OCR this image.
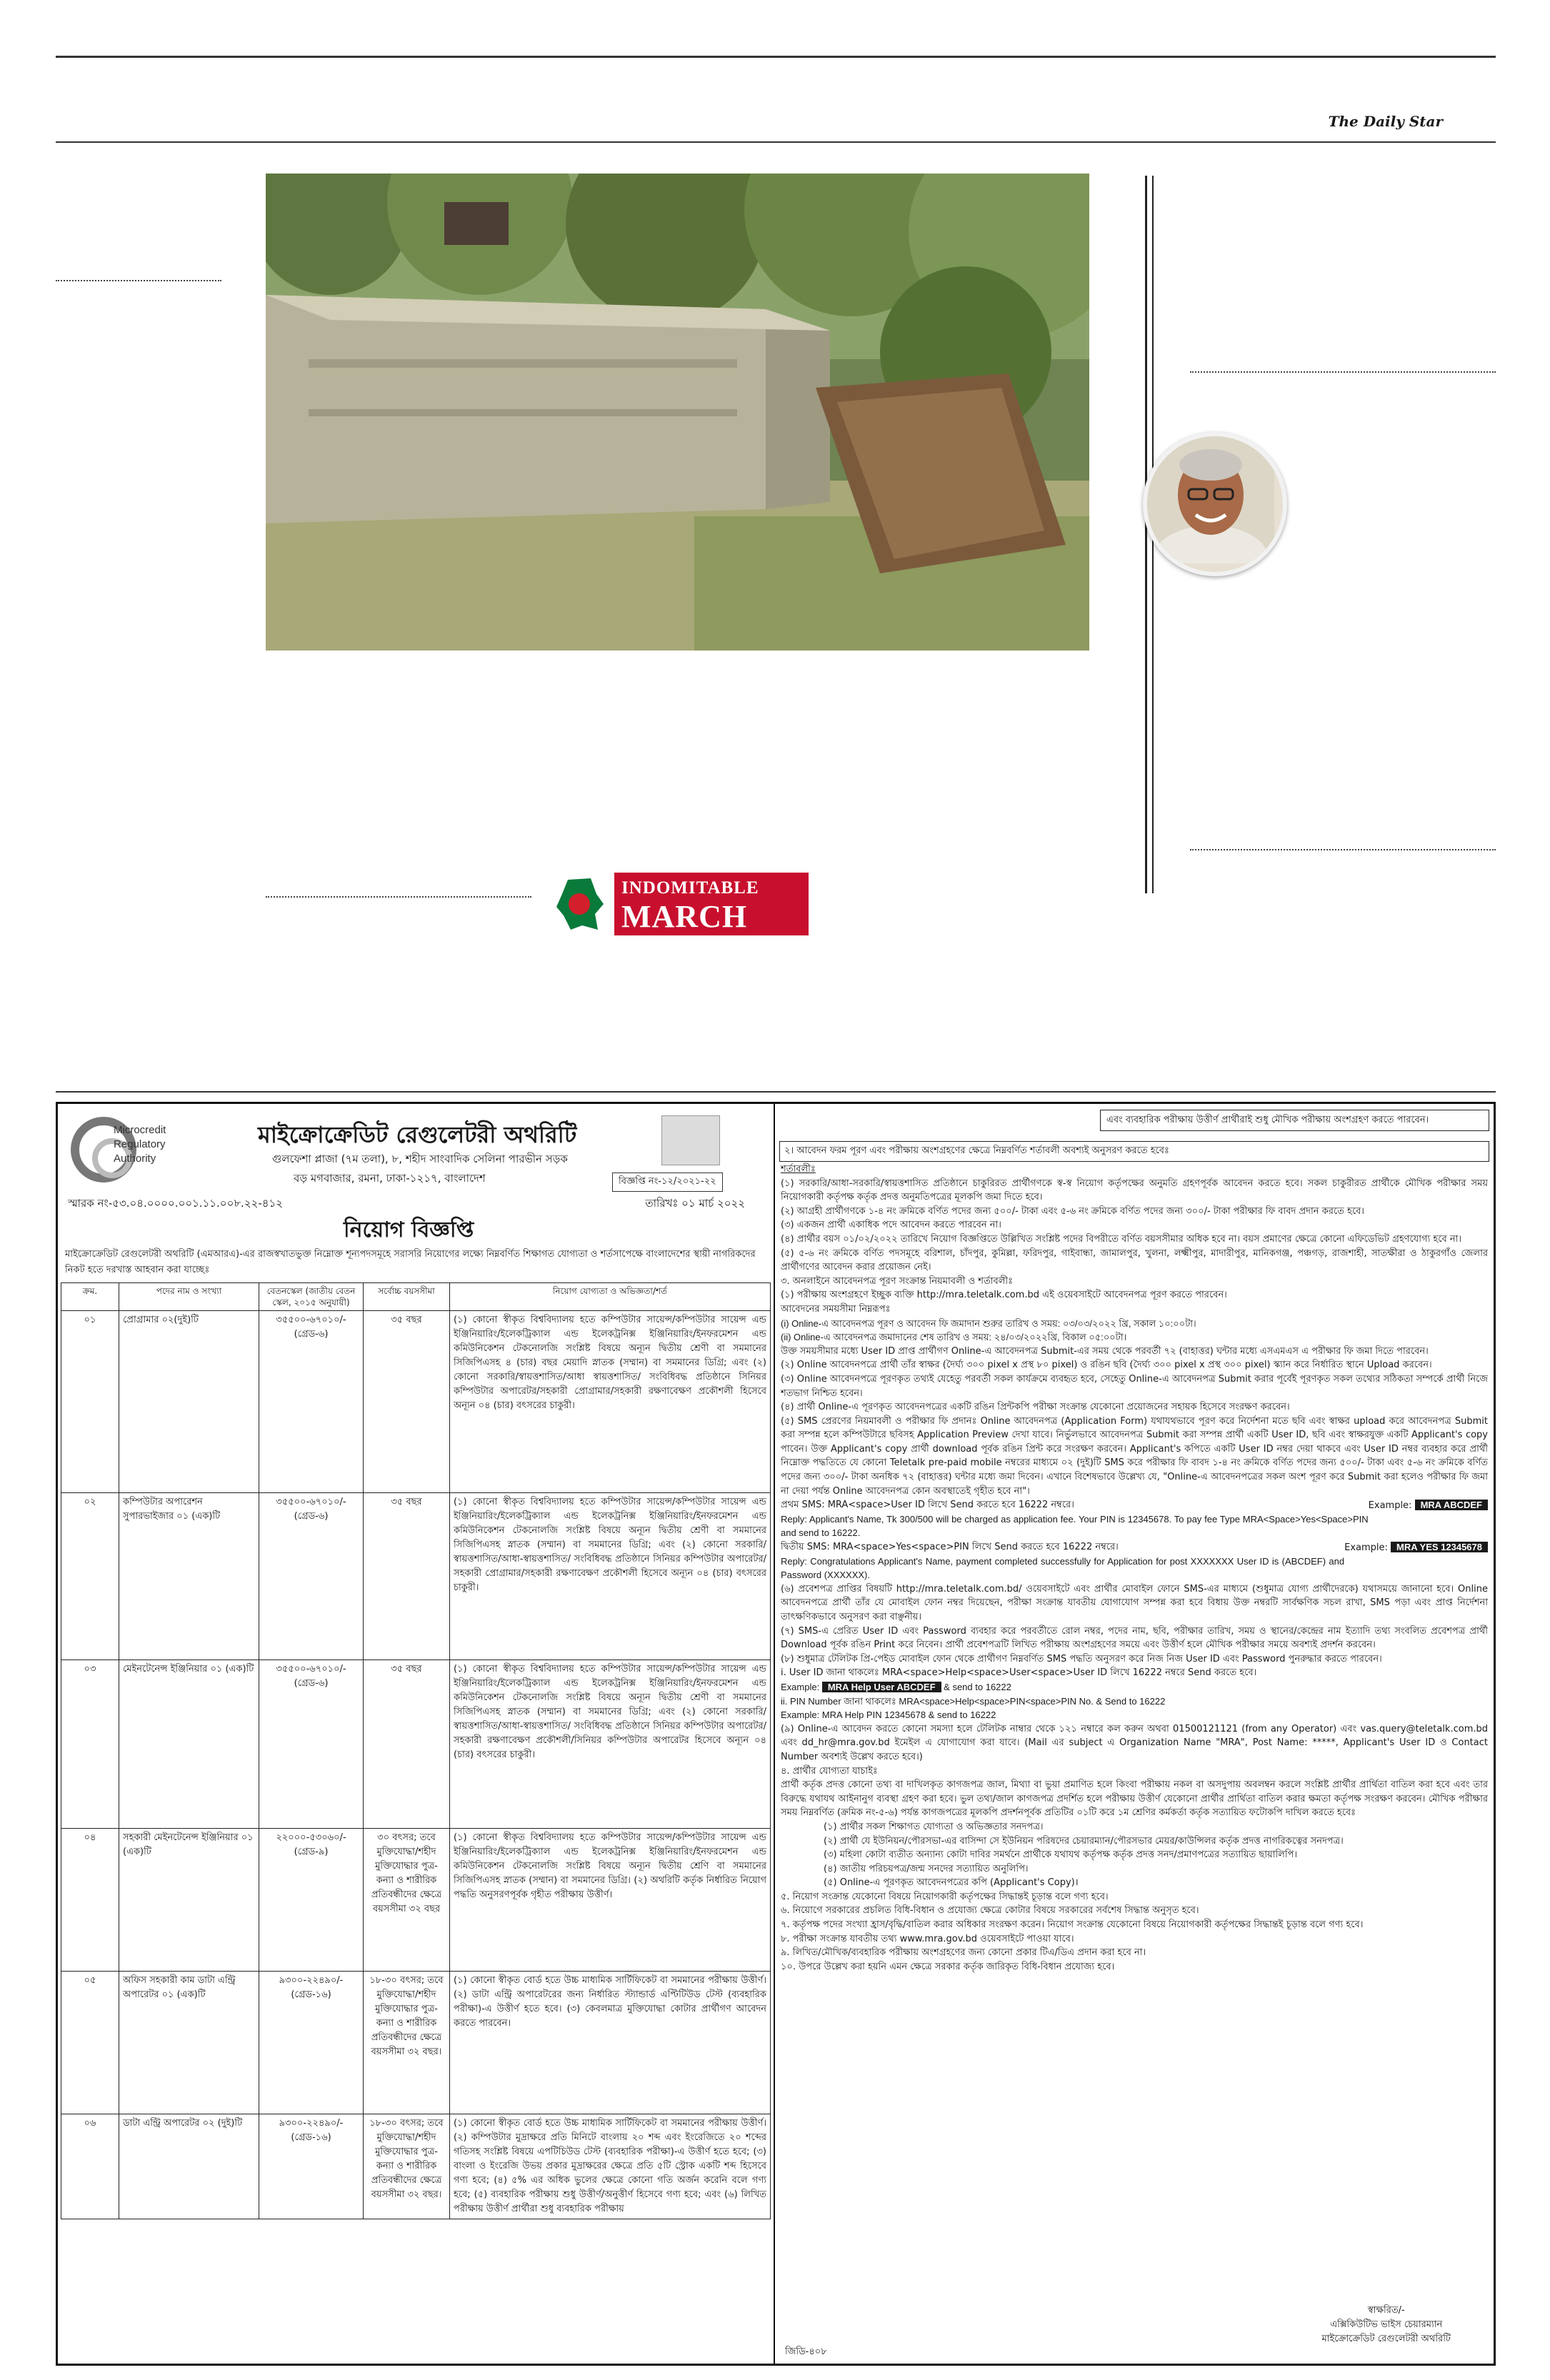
The Daily Star
INDOMITABLE
MARCH
Microcredit
Regulatory
Authority
মাইক্রোক্রেডিট রেগুলেটরী অথরিটি
গুলফেশা প্লাজা (৭ম তলা), ৮, শহীদ সাংবাদিক সেলিনা পারভীন সড়ক
বড় মগবাজার, রমনা, ঢাকা-১২১৭, বাংলাদেশ	বিজ্ঞপ্তি নং-১২/২০২১-২২
স্মারক নং-৫৩.০৪.০০০০.০০১.১১.০০৮.২২-৪১২	তারিখঃ ০১ মার্চ ২০২২
নিয়োগ বিজ্ঞপ্তি
মাইক্রোক্রেডিট রেগুলেটরী অথরিটি (এমআরএ)-এর রাজস্বখাতভুক্ত নিম্নোক্ত শূন্যপদসমূহে সরাসরি নিয়োগের লক্ষ্যে নিম্নবর্ণিত শিক্ষাগত যোগ্যতা ও শর্তসাপেক্ষে বাংলাদেশের স্থায়ী নাগরিকদের নিকট হতে দরখাস্ত আহবান করা যাচ্ছেঃ
ক্রম.	পদের নাম ও সংখ্যা	বেতনস্কেল (জাতীয় বেতন স্কেল, ২০১৫ অনুযায়ী)	সর্বোচ্চ বয়সসীমা	নিয়োগ যোগ্যতা ও অভিজ্ঞতা/শর্ত
০১	প্রোগ্রামার ০২(দুই)টি	৩৫৫০০-৬৭০১০/- (গ্রেড-৬)	৩৫ বছর	(১) কোনো স্বীকৃত বিশ্ববিদ্যালয় হতে কম্পিউটার সায়েন্স/কম্পিউটার সায়েন্স এন্ড ইঞ্জিনিয়ারিং/ইলেকট্রিক্যাল এন্ড ইলেকট্রনিক্স ইঞ্জিনিয়ারিং/ইনফরমেশন এন্ড কমিউনিকেশন টেকনোলজি সংশ্লিষ্ট বিষয়ে অন্যূন দ্বিতীয় শ্রেণী বা সমমানের সিজিপিএসহ ৪ (চার) বছর মেয়াদি স্নাতক (সম্মান) বা সমমানের ডিগ্রি; এবং (২) কোনো সরকারি/স্বায়ত্তশাসিত/আধা স্বায়ত্তশাসিত/ সংবিধিবদ্ধ প্রতিষ্ঠানে সিনিয়র কম্পিউটার অপারেটর/সহকারী প্রোগ্রামার/সহকারী রক্ষণাবেক্ষণ প্রকৌশলী হিসেবে অন্যূন ০৪ (চার) বৎসরের চাকুরী।
০২	কম্পিউটার অপারেশন সুপারভাইজার ০১ (এক)টি	৩৫৫০০-৬৭০১০/- (গ্রেড-৬)	৩৫ বছর	(১) কোনো স্বীকৃত বিশ্ববিদ্যালয় হতে কম্পিউটার সায়েন্স/কম্পিউটার সায়েন্স এন্ড ইঞ্জিনিয়ারিং/ইলেকট্রিক্যাল এন্ড ইলেকট্রনিক্স ইঞ্জিনিয়ারিং/ইনফরমেশন এন্ড কমিউনিকেশন টেকনোলজি সংশ্লিষ্ট বিষয়ে অন্যূন দ্বিতীয় শ্রেণী বা সমমানের সিজিপিএসহ স্নাতক (সম্মান) বা সমমানের ডিগ্রি; এবং (২) কোনো সরকারি/স্বায়ত্তশাসিত/আধা-স্বায়ত্তশাসিত/ সংবিধিবদ্ধ প্রতিষ্ঠানে সিনিয়র কম্পিউটার অপারেটর/সহকারী প্রোগ্রামার/সহকারী রক্ষণাবেক্ষণ প্রকৌশলী হিসেবে অন্যূন ০৪ (চার) বৎসরের চাকুরী।
০৩	মেইনটেনেন্স ইঞ্জিনিয়ার ০১ (এক)টি	৩৫৫০০-৬৭০১০/- (গ্রেড-৬)	৩৫ বছর	(১) কোনো স্বীকৃত বিশ্ববিদ্যালয় হতে কম্পিউটার সায়েন্স/কম্পিউটার সায়েন্স এন্ড ইঞ্জিনিয়ারিং/ইলেকট্রিক্যাল এন্ড ইলেকট্রনিক্স ইঞ্জিনিয়ারিং/ইনফরমেশন এন্ড কমিউনিকেশন টেকনোলজি সংশ্লিষ্ট বিষয়ে অন্যূন দ্বিতীয় শ্রেণী বা সমমানের সিজিপিএসহ স্নাতক (সম্মান) বা সমমানের ডিগ্রি; এবং (২) কোনো সরকারি/স্বায়ত্তশাসিত/আধা-স্বায়ত্তশাসিত/ সংবিধিবদ্ধ প্রতিষ্ঠানে সিনিয়র কম্পিউটার অপারেটর/সহকারী রক্ষণাবেক্ষণ প্রকৌশলী/সিনিয়র কম্পিউটার অপারেটর হিসেবে অন্যূন ০৪ (চার) বৎসরের চাকুরী।
০৪	সহকারী মেইনটেনেন্স ইঞ্জিনিয়ার ০১ (এক)টি	২২০০০-৫৩০৬০/- (গ্রেড-৯)	৩০ বৎসর; তবে মুক্তিযোদ্ধা/শহীদ মুক্তিযোদ্ধার পুত্র-কন্যা ও শারীরিক প্রতিবন্ধীদের ক্ষেত্রে বয়সসীমা ৩২ বছর	(১) কোনো স্বীকৃত বিশ্ববিদ্যালয় হতে কম্পিউটার সায়েন্স/কম্পিউটার সায়েন্স এন্ড ইঞ্জিনিয়ারিং/ইলেকট্রিক্যাল এন্ড ইলেকট্রনিক্স ইঞ্জিনিয়ারিং/ইনফরমেশন এন্ড কমিউনিকেশন টেকনোলজি সংশ্লিষ্ট বিষয়ে অন্যূন দ্বিতীয় শ্রেণি বা সমমানের সিজিপিএসহ স্নাতক (সম্মান) বা সমমানের ডিগ্রি। (২) অথরিটি কর্তৃক নির্ধারিত নিয়োগ পদ্ধতি অনুসরণপূর্বক গৃহীত পরীক্ষায় উত্তীর্ণ।
০৫	অফিস সহকারী কাম ডাটা এন্ট্রি অপারেটর ০১ (এক)টি	৯৩০০-২২৪৯০/- (গ্রেড-১৬)	১৮-৩০ বৎসর; তবে মুক্তিযোদ্ধা/শহীদ মুক্তিযোদ্ধার পুত্র-কন্যা ও শারীরিক প্রতিবন্ধীদের ক্ষেত্রে বয়সসীমা ৩২ বছর।	(১) কোনো স্বীকৃত বোর্ড হতে উচ্চ মাধ্যমিক সার্টিফিকেট বা সমমানের পরীক্ষায় উত্তীর্ণ। (২) ডাটা এন্ট্রি অপারেটরের জন্য নির্ধারিত স্ট্যান্ডার্ড এপ্টিটিউড টেস্ট (ব্যবহারিক পরীক্ষা)-এ উত্তীর্ণ হতে হবে। (৩) কেবলমাত্র মুক্তিযোদ্ধা কোটার প্রার্থীগণ আবেদন করতে পারবেন।
০৬	ডাটা এন্ট্রি অপারেটর ০২ (দুই)টি	৯৩০০-২২৪৯০/- (গ্রেড-১৬)	১৮-৩০ বৎসর; তবে মুক্তিযোদ্ধা/শহীদ মুক্তিযোদ্ধার পুত্র-কন্যা ও শারীরিক প্রতিবন্ধীদের ক্ষেত্রে বয়সসীমা ৩২ বছর।	(১) কোনো স্বীকৃত বোর্ড হতে উচ্চ মাধ্যমিক সার্টিফিকেট বা সমমানের পরীক্ষায় উত্তীর্ণ। (২) কম্পিউটার মুদ্রাক্ষরে প্রতি মিনিটে বাংলায় ২০ শব্দ এবং ইংরেজিতে ২০ শব্দের গতিসহ সংশ্লিষ্ট বিষয়ে এপটিচিউড টেস্ট (ব্যবহারিক পরীক্ষা)-এ উত্তীর্ণ হতে হবে; (৩) বাংলা ও ইংরেজি উভয় প্রকার মুদ্রাক্ষরের ক্ষেত্রে প্রতি ৫টি স্ট্রোক একটি শব্দ হিসেবে গণ্য হবে; (৪) ৫% এর অধিক ভুলের ক্ষেত্রে কোনো গতি অর্জন করেনি বলে গণ্য হবে; (৫) ব্যবহারিক পরীক্ষায় শুধু উত্তীর্ণ/অনুত্তীর্ণ হিসেবে গণ্য হবে; এবং (৬) লিখিত পরীক্ষায় উত্তীর্ণ প্রার্থীরা শুধু ব্যবহারিক পরীক্ষায়
এবং ব্যবহারিক পরীক্ষায় উত্তীর্ণ প্রার্থীরাই শুধু মৌখিক পরীক্ষায় অংশগ্রহণ করতে পারবেন।
২। আবেদন ফরম পূরণ এবং পরীক্ষায় অংশগ্রহণের ক্ষেত্রে নিম্নবর্ণিত শর্তাবলী অবশ্যই অনুসরণ করতে হবেঃ

শর্তাবলীঃ

(১) সরকারি/আধা-সরকারি/স্বায়ত্তশাসিত প্রতিষ্ঠানে চাকুরিরত প্রার্থীগণকে স্ব-স্ব নিয়োগ কর্তৃপক্ষের অনুমতি গ্রহণপূর্বক আবেদন করতে হবে। সকল চাকুরীরত প্রার্থীকে মৌখিক পরীক্ষার সময় নিয়োগকারী কর্তৃপক্ষ কর্তৃক প্রদত্ত অনুমতিপত্রের মূলকপি জমা দিতে হবে।

(২) আগ্রহী প্রার্থীগণকে ১-৪ নং ক্রমিকে বর্ণিত পদের জন্য ৫০০/- টাকা এবং ৫-৬ নং ক্রমিকে বর্ণিত পদের জন্য ৩০০/- টাকা পরীক্ষার ফি বাবদ প্রদান করতে হবে।

(৩) একজন প্রার্থী একাধিক পদে আবেদন করতে পারবেন না।

(৪) প্রার্থীর বয়স ০১/০২/২০২২ তারিখে নিয়োগ বিজ্ঞপ্তিতে উল্লিখিত সংশ্লিষ্ট পদের বিপরীতে বর্ণিত বয়সসীমার অধিক হবে না। বয়স প্রমাণের ক্ষেত্রে কোনো এফিডেভিট গ্রহণযোগ্য হবে না।

(৫) ৫-৬ নং ক্রমিকে বর্ণিত পদসমূহে বরিশাল, চাঁদপুর, কুমিল্লা, ফরিদপুর, গাইবান্ধা, জামালপুর, খুলনা, লক্ষ্মীপুর, মাদারীপুর, মানিকগঞ্জ, পঞ্চগড়, রাজশাহী, সাতক্ষীরা ও ঠাকুরগাঁও জেলার প্রার্থীগণের আবেদন করার প্রয়োজন নেই।

৩. অনলাইনে আবেদনপত্র পূরণ সংক্রান্ত নিয়মাবলী ও শর্তাবলীঃ

(১) পরীক্ষায় অংশগ্রহণে ইচ্ছুক ব্যক্তি http://mra.teletalk.com.bd এই ওয়েবসাইটে আবেদনপত্র পূরণ করতে পারবেন।

আবেদনের সময়সীমা নিম্নরূপঃ

(i) Online-এ আবেদনপত্র পূরণ ও আবেদন ফি জমাদান শুরুর তারিখ ও সময়: ০৩/০৩/২০২২ খ্রি, সকাল ১০:০০টা।

(ii) Online-এ আবেদনপত্র জমাদানের শেষ তারিখ ও সময়: ২৪/০৩/২০২২খ্রি, বিকাল ০৫:০০টা।

উক্ত সময়সীমার মধ্যে User ID প্রাপ্ত প্রার্থীগণ Online-এ আবেদনপত্র Submit-এর সময় থেকে পরবর্তী ৭২ (বাহাত্তর) ঘন্টার মধ্যে এসএমএস এ পরীক্ষার ফি জমা দিতে পারবেন।

(২) Online আবেদনপত্রে প্রার্থী তাঁর স্বাক্ষর (দৈর্ঘ্য ৩০০ pixel x প্রস্থ ৮০ pixel) ও রঙিন ছবি (দৈর্ঘ্য ৩০০ pixel x প্রস্থ ৩০০ pixel) স্ক্যান করে নির্ধারিত স্থানে Upload করবেন।

(৩) Online আবেদনপত্রে পূরণকৃত তথ্যই যেহেতু পরবর্তী সকল কার্যক্রমে ব্যবহৃত হবে, সেহেতু Online-এ আবেদনপত্র Submit করার পূর্বেই পূরণকৃত সকল তথ্যের সঠিকতা সম্পর্কে প্রার্থী নিজে শতভাগ নিশ্চিত হবেন।

(৪) প্রার্থী Online-এ পূরণকৃত আবেদনপত্রের একটি রঙিন প্রিন্টকপি পরীক্ষা সংক্রান্ত যেকোনো প্রয়োজনের সহায়ক হিসেবে সংরক্ষণ করবেন।

(৫) SMS প্রেরণের নিয়মাবলী ও পরীক্ষার ফি প্রদানঃ Online আবেদনপত্র (Application Form) যথাযথভাবে পূরণ করে নির্দেশনা মতে ছবি এবং স্বাক্ষর upload করে আবেদনপত্র Submit করা সম্পন্ন হলে কম্পিউটারে ছবিসহ Application Preview দেখা যাবে। নির্ভুলভাবে আবেদনপত্র Submit করা সম্পন্ন প্রার্থী একটি User ID, ছবি এবং স্বাক্ষরযুক্ত একটি Applicant's copy পাবেন। উক্ত Applicant's copy প্রার্থী download পূর্বক রঙিন প্রিন্ট করে সংরক্ষণ করবেন। Applicant's কপিতে একটি User ID নম্বর দেয়া থাকবে এবং User ID নম্বর ব্যবহার করে প্রার্থী নিম্নোক্ত পদ্ধতিতে যে কোনো Teletalk pre-paid mobile নম্বরের মাধ্যমে ০২ (দুই)টি SMS করে পরীক্ষার ফি বাবদ ১-৪ নং ক্রমিকে বর্ণিত পদের জন্য ৫০০/- টাকা এবং ৫-৬ নং ক্রমিকে বর্ণিত পদের জন্য ৩০০/- টাকা অনধিক ৭২ (বাহাত্তর) ঘন্টার মধ্যে জমা দিবেন। এখানে বিশেষভাবে উল্লেখ্য যে, "Online-এ আবেদনপত্রের সকল অংশ পূরণ করে Submit করা হলেও পরীক্ষার ফি জমা না দেয়া পর্যন্ত Online আবেদনপত্র কোন অবস্থাতেই গৃহীত হবে না"।

প্রথম SMS: MRA<space>User ID লিখে Send করতে হবে 16222 নম্বরে।	Example: MRA ABCDEF

Reply: Applicant's Name, Tk 300/500 will be charged as application fee. Your PIN is 12345678. To pay fee Type MRA<Space>Yes<Space>PIN and send to 16222.

দ্বিতীয় SMS: MRA<space>Yes<space>PIN লিখে Send করতে হবে 16222 নম্বরে।	Example: MRA YES 12345678

Reply: Congratulations Applicant's Name, payment completed successfully for Application for post XXXXXXX User ID is (ABCDEF) and Password (XXXXXX).

(৬) প্রবেশপত্র প্রাপ্তির বিষয়টি http://mra.teletalk.com.bd/ ওয়েবসাইটে এবং প্রার্থীর মোবাইল ফোনে SMS-এর মাধ্যমে (শুধুমাত্র যোগ্য প্রার্থীদেরকে) যথাসময়ে জানানো হবে। Online আবেদনপত্রে প্রার্থী তাঁর যে মোবাইল ফোন নম্বর দিয়েছেন, পরীক্ষা সংক্রান্ত যাবতীয় যোগাযোগ সম্পন্ন করা হবে বিধায় উক্ত নম্বরটি সার্বক্ষণিক সচল রাখা, SMS পড়া এবং প্রাপ্ত নির্দেশনা তাৎক্ষণিকভাবে অনুসরণ করা বাঞ্ছনীয়।

(৭) SMS-এ প্রেরিত User ID এবং Password ব্যবহার করে পরবর্তীতে রোল নম্বর, পদের নাম, ছবি, পরীক্ষার তারিখ, সময় ও স্থানের/কেন্দ্রের নাম ইত্যাদি তথ্য সংবলিত প্রবেশপত্র প্রার্থী Download পূর্বক রঙিন Print করে নিবেন। প্রার্থী প্রবেশপত্রটি লিখিত পরীক্ষায় অংশগ্রহণের সময়ে এবং উত্তীর্ণ হলে মৌখিক পরীক্ষার সময়ে অবশ্যই প্রদর্শন করবেন।

(৮) শুধুমাত্র টেলিটক প্রি-পেইড মোবাইল ফোন থেকে প্রার্থীগণ নিম্নবর্ণিত SMS পদ্ধতি অনুসরণ করে নিজ নিজ User ID এবং Password পুনরুদ্ধার করতে পারবেন।

i. User ID জানা থাকলেঃ MRA<space>Help<space>User<space>User ID লিখে 16222 নম্বরে Send করতে হবে।

Example: MRA Help User ABCDEF & send to 16222

ii. PIN Number জানা থাকলেঃ MRA<space>Help<space>PIN<space>PIN No. & Send to 16222

Example: MRA Help PIN 12345678 & send to 16222

(৯) Online-এ আবেদন করতে কোনো সমস্যা হলে টেলিটক নাম্বার থেকে ১২১ নম্বারে কল করুন অথবা 01500121121 (from any Operator) এবং vas.query@teletalk.com.bd এবং dd_hr@mra.gov.bd ইমেইল এ যোগাযোগ করা যাবে। (Mail এর subject এ Organization Name "MRA", Post Name: *****, Applicant's User ID ও Contact Number অবশ্যই উল্লেখ করতে হবে।)

৪. প্রার্থীর যোগ্যতা যাচাইঃ

প্রার্থী কর্তৃক প্রদত্ত কোনো তথ্য বা দাখিলকৃত কাগজপত্র জাল, মিথ্যা বা ভুয়া প্রমাণিত হলে কিংবা পরীক্ষায় নকল বা অসদুপায় অবলম্বন করলে সংশ্লিষ্ট প্রার্থীর প্রার্থিতা বাতিল করা হবে এবং তার বিরুদ্ধে যথাযথ আইনানুগ ব্যবস্থা গ্রহণ করা হবে। ভুল তথ্য/জাল কাগজপত্র প্রদর্শিত হলে পরীক্ষায় উত্তীর্ণ যেকোনো প্রার্থীর প্রার্থিতা বাতিল করার ক্ষমতা কর্তৃপক্ষ সংরক্ষণ করবেন। মৌখিক পরীক্ষার সময় নিম্নবর্ণিত (ক্রমিক নং-৫-৬) পর্যন্ত কাগজপত্রের মূলকপি প্রদর্শনপূর্বক প্রতিটির ০১টি করে ১ম শ্রেণির কর্মকর্তা কর্তৃক সত্যায়িত ফটোকপি দাখিল করতে হবেঃ

(১) প্রার্থীর সকল শিক্ষাগত যোগ্যতা ও অভিজ্ঞতার সনদপত্র।

(২) প্রার্থী যে ইউনিয়ন/পৌরসভা-এর বাসিন্দা সে ইউনিয়ন পরিষদের চেয়ারম্যান/পৌরসভার মেয়র/কাউন্সিলর কর্তৃক প্রদত্ত নাগরিকত্বের সনদপত্র।

(৩) মহিলা কোটা ব্যতীত অন্যান্য কোটা দাবির সমর্থনে প্রার্থীকে যথাযথ কর্তৃপক্ষ কর্তৃক প্রদত্ত সনদ/প্রমাণপত্রের সত্যায়িত ছায়ালিপি।

(৪) জাতীয় পরিচয়পত্র/জন্ম সনদের সত্যায়িত অনুলিপি।

(৫) Online-এ পূরণকৃত আবেদনপত্রের কপি (Applicant's Copy)।

৫. নিয়োগ সংক্রান্ত যেকোনো বিষয়ে নিয়োগকারী কর্তৃপক্ষের সিদ্ধান্তই চূড়ান্ত বলে গণ্য হবে।

৬. নিয়োগে সরকারের প্রচলিত বিধি-বিধান ও প্রযোজ্য ক্ষেত্রে কোটার বিষয়ে সরকারের সর্বশেষ সিদ্ধান্ত অনুসৃত হবে।

৭. কর্তৃপক্ষ পদের সংখ্যা হ্রাস/বৃদ্ধি/বাতিল করার অধিকার সংরক্ষণ করেন। নিয়োগ সংক্রান্ত যেকোনো বিষয়ে নিয়োগকারী কর্তৃপক্ষের সিদ্ধান্তই চূড়ান্ত বলে গণ্য হবে।

৮. পরীক্ষা সংক্রান্ত যাবতীয় তথ্য www.mra.gov.bd ওয়েবসাইটে পাওয়া যাবে।

৯. লিখিত/মৌখিক/ব্যবহারিক পরীক্ষায় অংশগ্রহণের জন্য কোনো প্রকার টিএ/ডিএ প্রদান করা হবে না।

১০. উপরে উল্লেখ করা হয়নি এমন ক্ষেত্রে সরকার কর্তৃক জারিকৃত বিধি-বিধান প্রযোজ্য হবে।

স্বাক্ষরিত/-
এক্সিকিউটিভ ভাইস চেয়ারম্যান
মাইক্রোক্রেডিট রেগুলেটরী অথরিটি
জিডি-৪০৮
